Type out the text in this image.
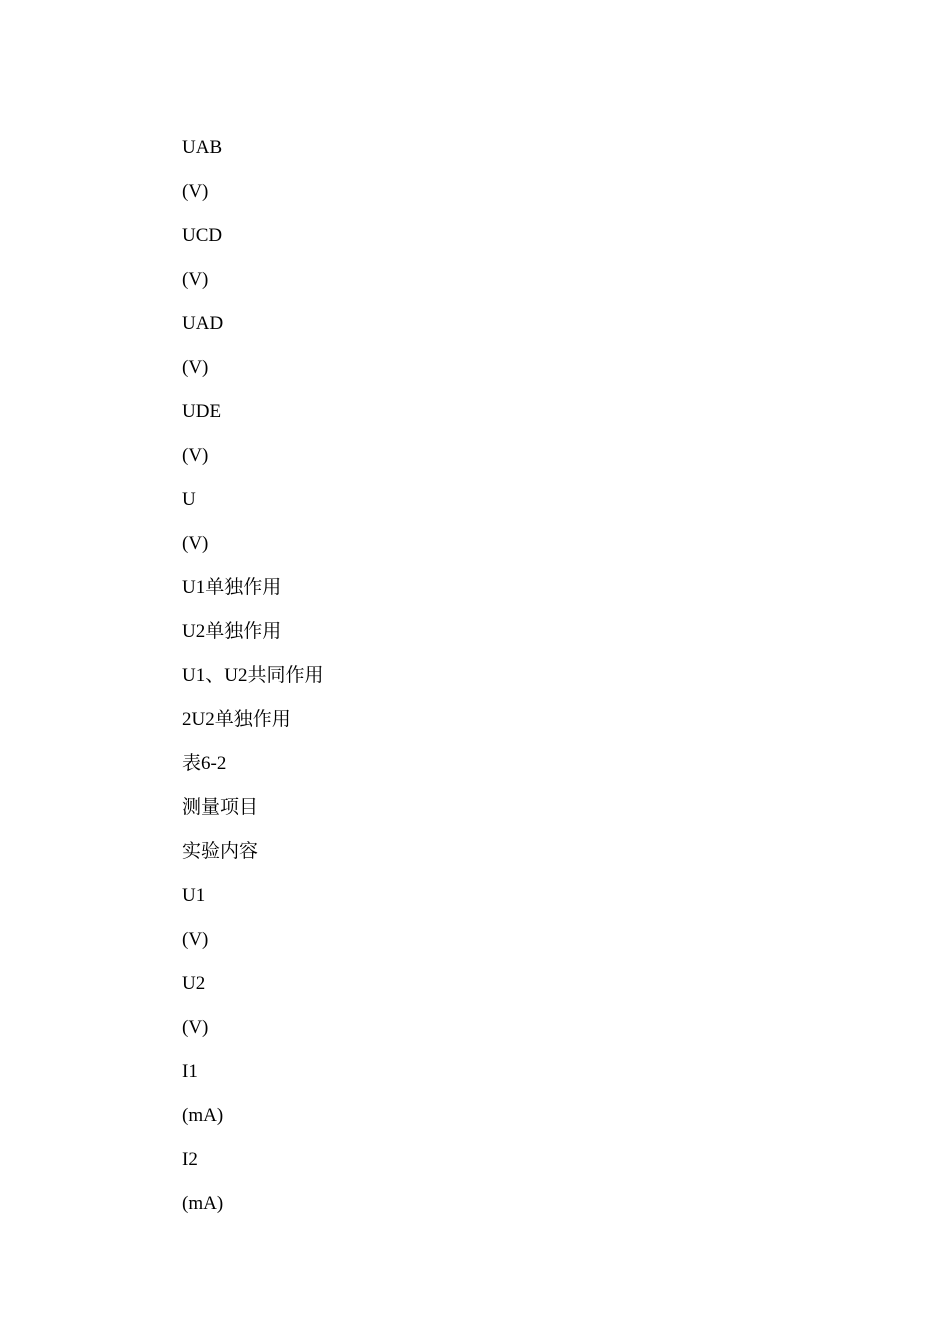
UAB
(V)
UCD
(V)
UAD
(V)
UDE
(V)
U
(V)
U1单独作用
U2单独作用
U1、U2共同作用
2U2单独作用
表6-2
测量项目
实验内容
U1
(V)
U2
(V)
I1
(mA)
I2
(mA)
